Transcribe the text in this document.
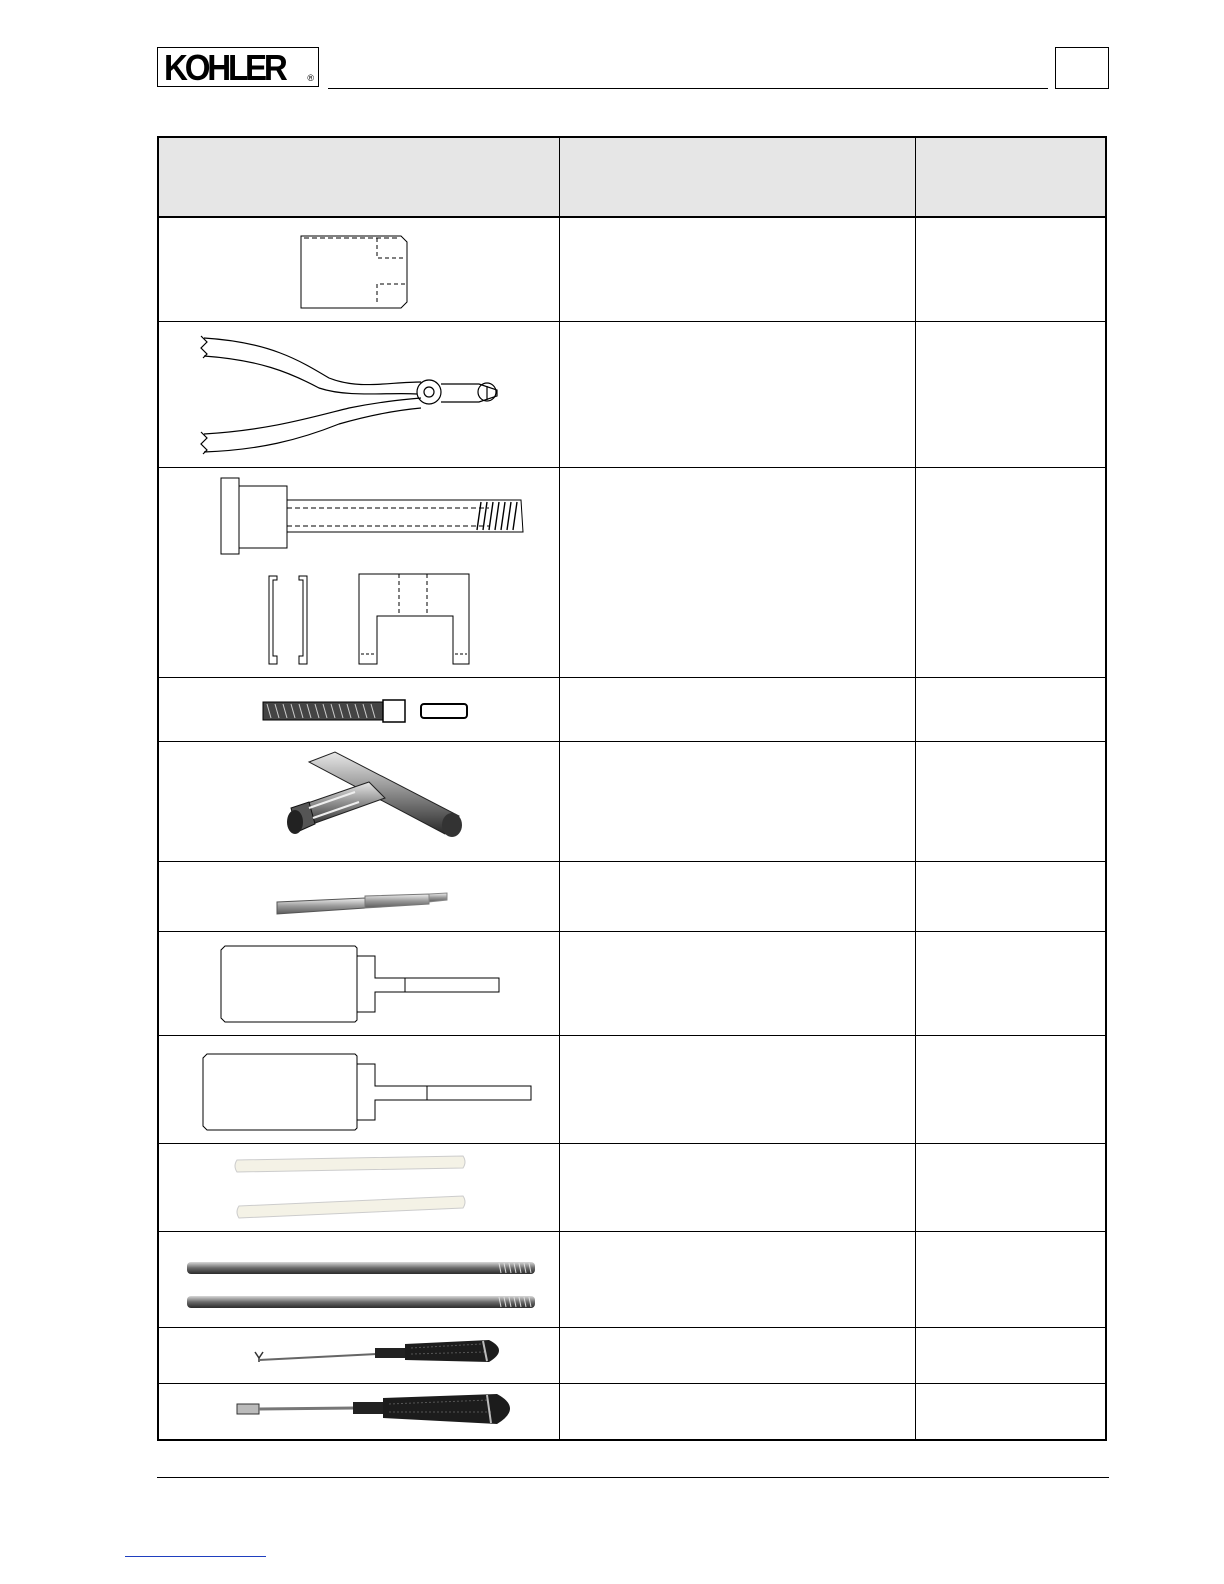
KOHLER	®
